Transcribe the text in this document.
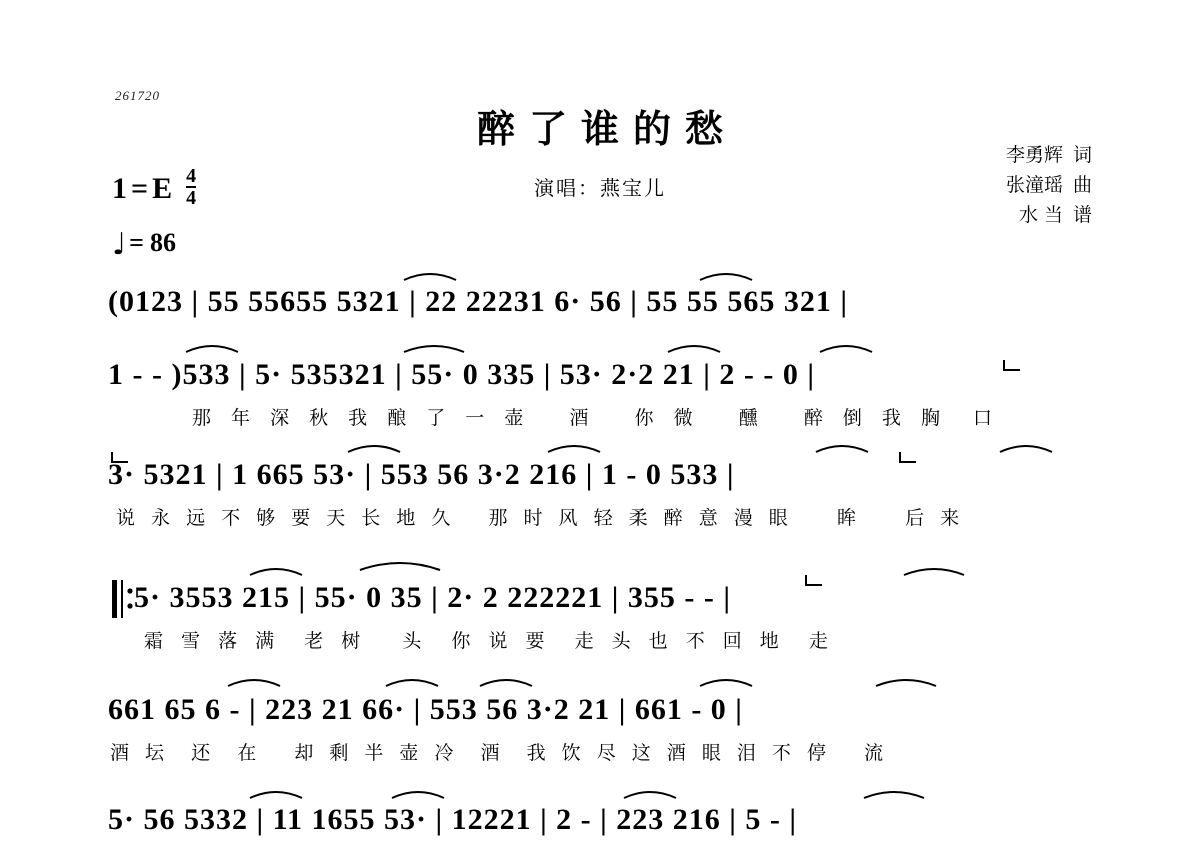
261720
醉了谁的愁
演唱：燕宝儿
李勇辉 词
张潼瑶 曲
水 当 谱
1 = E $\frac{4}{4}$
♩ = 86
(0123 | 55 55655 5321 | 22 22231 6· 56 | 55 55 565 321 |
1 - - )533 | 5· 535321 | 55· 0 335 | 53· 2·2 21 | 2 - - 0 |
那 年 深 秋 我 酿 了 一 壶   酒   你 微   醺   醉 倒 我 胸  口
3· 5321 | 1 665 53· | 553 56 3·2 216 | 1 - 0 533 |
说 永 远 不 够 要 天 长 地 久   那 时 风 轻 柔 醉 意 漫 眼    眸    后 来
5· 3553 215 | 55· 0 35 | 2· 2 222221 | 355 - - |
霜 雪 落 满  老 树   头  你 说 要  走 头 也 不 回 地  走
661 65 6 - | 223 21 66· | 553 56 3·2 21 | 661 - 0 |
酒 坛  还  在   却 剩 半 壶 冷  酒  我 饮 尽 这 酒 眼 泪 不 停   流
5· 56 5332 | 11 1655 53· | 12221 | 2 - | 223 216 | 5 - |
